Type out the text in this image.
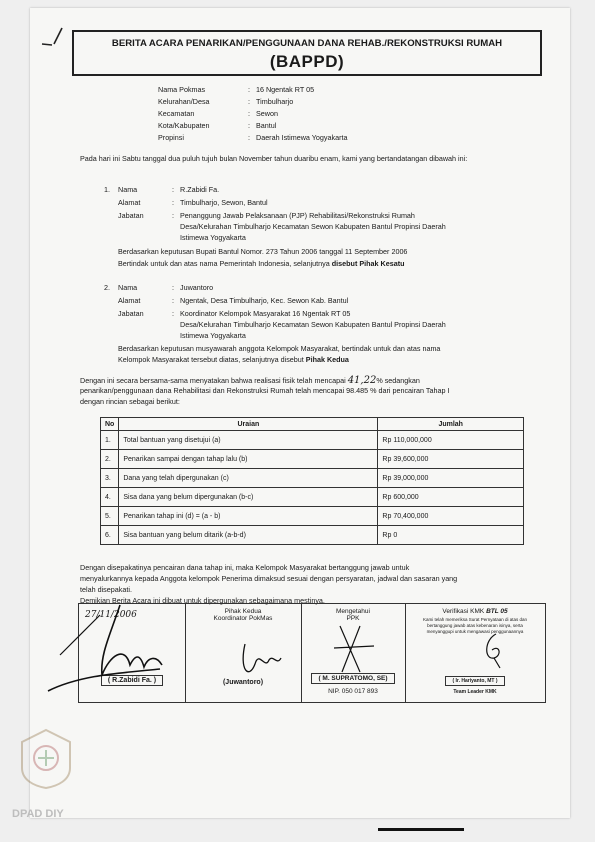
BERITA ACARA PENARIKAN/PENGGUNAAN DANA REHAB./REKONSTRUKSI RUMAH
(BAPPD)
Nama Pokmas	: 16 Ngentak RT 05
Kelurahan/Desa	: Timbulharjo
Kecamatan	: Sewon
Kota/Kabupaten	: Bantul
Propinsi	: Daerah Istimewa Yogyakarta
Pada hari ini Sabtu tanggal dua puluh tujuh bulan November tahun duaribu enam, kami yang bertandatangan dibawah ini:
1. Nama	: R.Zabidi Fa.
Alamat	: Timbulharjo, Sewon, Bantul
Jabatan	: Penanggung Jawab Pelaksanaan (PJP) Rehabilitasi/Rekonstruksi Rumah
Desa/Kelurahan Timbulharjo Kecamatan Sewon Kabupaten Bantul Propinsi Daerah
Istimewa Yogyakarta
Berdasarkan keputusan Bupati Bantul Nomor. 273 Tahun 2006 tanggal 11 September 2006
Bertindak untuk dan atas nama Pemerintah Indonesia, selanjutnya disebut Pihak Kesatu
2. Nama	: Juwantoro
Alamat	: Ngentak, Desa Timbulharjo, Kec. Sewon Kab. Bantul
Jabatan	: Koordinator Kelompok Masyarakat 16 Ngentak RT 05
Desa/Kelurahan Timbulharjo Kecamatan Sewon Kabupaten Bantul Propinsi Daerah
Istimewa Yogyakarta
Berdasarkan keputusan musyawarah anggota Kelompok Masyarakat, bertindak untuk dan atas nama
Kelompok Masyarakat tersebut diatas, selanjutnya disebut Pihak Kedua
Dengan ini secara bersama-sama menyatakan bahwa realisasi fisik telah mencapai 41,22% sedangkan
penarikan/penggunaan dana Rehabilitasi dan Rekonstruksi Rumah telah mencapai 98.485 % dari pencairan Tahap I
dengan rincian sebagai berikut:
No	Uraian	Jumlah
1.	Total bantuan yang disetujui (a)	Rp 110,000,000
2.	Penarikan sampai dengan tahap lalu (b)	Rp 39,600,000
3.	Dana yang telah dipergunakan (c)	Rp 39,000,000
4.	Sisa dana yang belum dipergunakan (b-c)	Rp 600,000
5.	Penarikan tahap ini (d) = (a - b)	Rp 70,400,000
6.	Sisa bantuan yang belum ditarik (a-b-d)	Rp 0
Dengan disepakatinya pencairan dana tahap ini, maka Kelompok Masyarakat bertanggung jawab untuk
menyalurkannya kepada Anggota kelompok Penerima dimaksud sesuai dengan persyaratan, jadwal dan sasaran yang
telah disepakati.
Demikian Berita Acara ini dibuat untuk dipergunakan sebagaimana mestinya.
27/11/2006
( R.Zabidi Fa. )
Pihak Kedua
Koordinator PokMas
(Juwantoro)
Mengetahui
PPK
( M. SUPRATOMO, SE)
NIP. 050 017 893
Verifikasi KMK BTL 05
Kami telah memeriksa Surat Pernyataan di atas dan bertanggung jawab atas kebenaran isinya, serta menyanggupi untuk mengawasi penggunaannya
( Ir. Hariyanto, MT )
Team Leader KMK
DPAD DIY
